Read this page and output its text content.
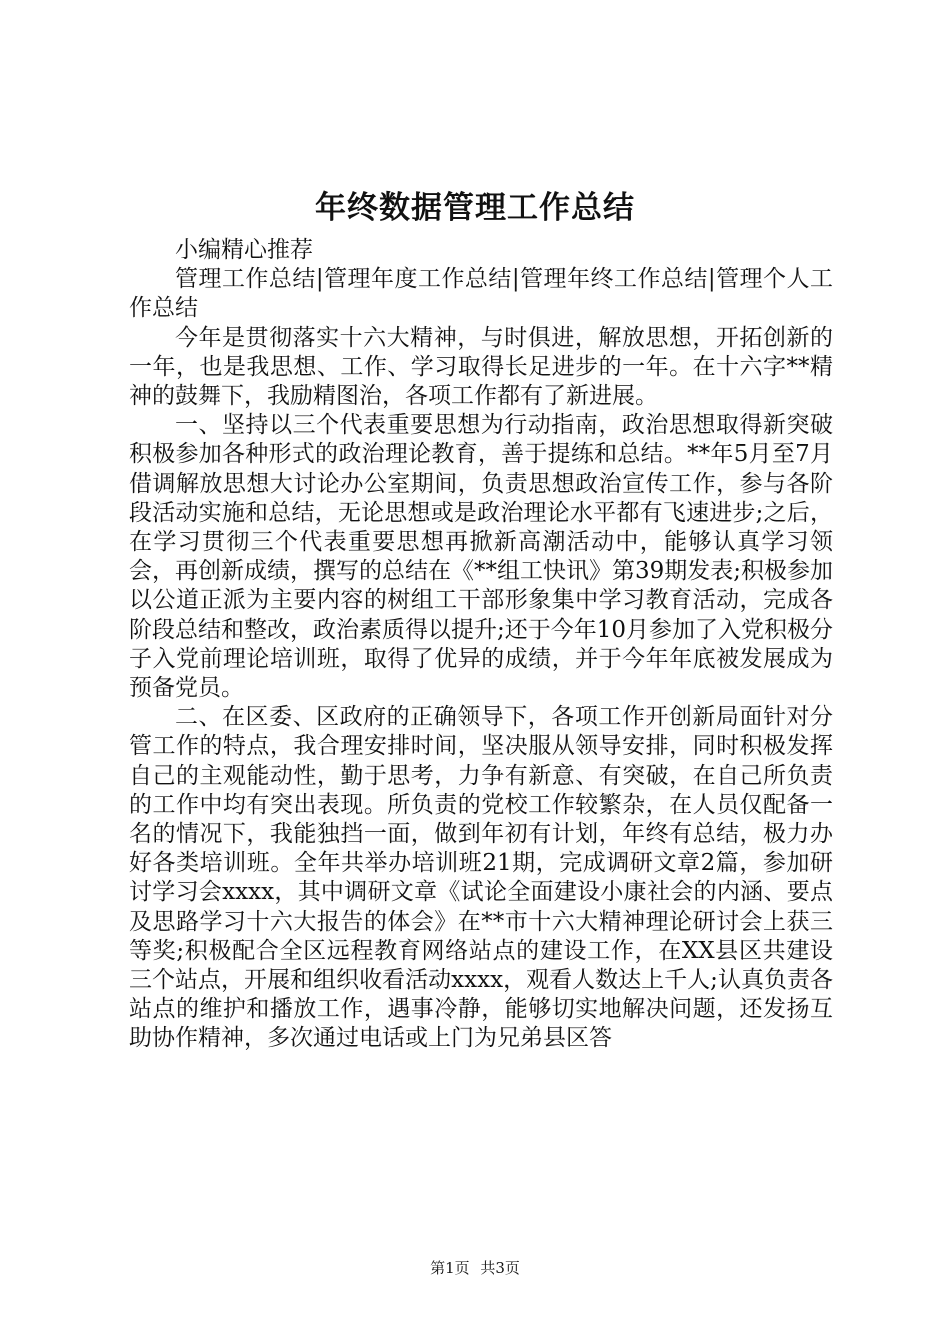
年终数据管理工作总结

小编精心推荐

管理工作总结|管理年度工作总结|管理年终工作总结|管理个人工作总结

今年是贯彻落实十六大精神，与时俱进，解放思想，开拓创新的一年，也是我思想、工作、学习取得长足进步的一年。在十六字**精神的鼓舞下，我励精图治，各项工作都有了新进展。

一、坚持以三个代表重要思想为行动指南，政治思想取得新突破积极参加各种形式的政治理论教育，善于提练和总结。**年5月至7月借调解放思想大讨论办公室期间，负责思想政治宣传工作，参与各阶段活动实施和总结，无论思想或是政治理论水平都有飞速进步;之后，在学习贯彻三个代表重要思想再掀新高潮活动中，能够认真学习领会，再创新成绩，撰写的总结在《**组工快讯》第39期发表;积极参加以公道正派为主要内容的树组工干部形象集中学习教育活动，完成各阶段总结和整改，政治素质得以提升;还于今年10月参加了入党积极分子入党前理论培训班，取得了优异的成绩，并于今年年底被发展成为预备党员。

二、在区委、区政府的正确领导下，各项工作开创新局面针对分管工作的特点，我合理安排时间，坚决服从领导安排，同时积极发挥自己的主观能动性，勤于思考，力争有新意、有突破，在自己所负责的工作中均有突出表现。所负责的党校工作较繁杂，在人员仅配备一名的情况下，我能独挡一面，做到年初有计划，年终有总结，极力办好各类培训班。全年共举办培训班21期，完成调研文章2篇，参加研讨学习会xxxx，其中调研文章《试论全面建设小康社会的内涵、要点及思路学习十六大报告的体会》在**市十六大精神理论研讨会上获三等奖;积极配合全区远程教育网络站点的建设工作，在XX县区共建设三个站点，开展和组织收看活动xxxx，观看人数达上千人;认真负责各站点的维护和播放工作，遇事冷静，能够切实地解决问题，还发扬互助协作精神，多次通过电话或上门为兄弟县区答

第1页 共3页
